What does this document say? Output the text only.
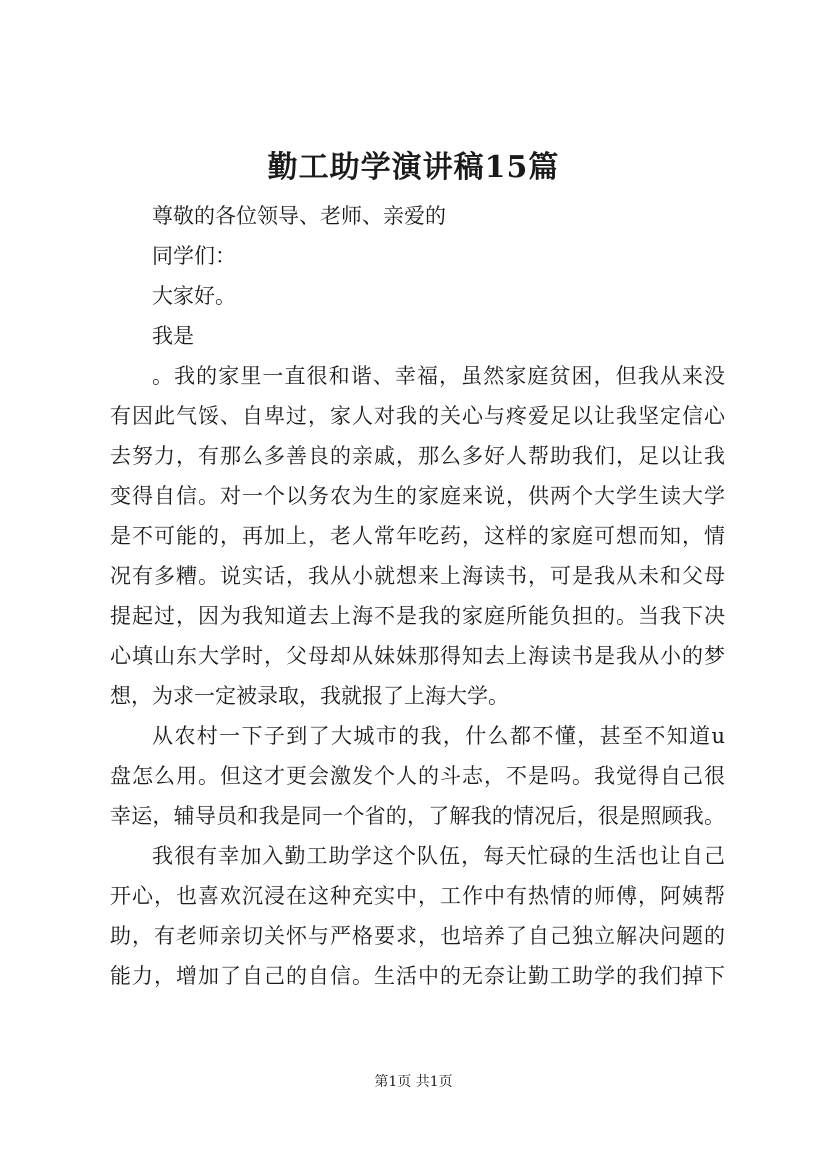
勤工助学演讲稿15篇
尊敬的各位领导、老师、亲爱的
同学们：
大家好。
我是
。我的家里一直很和谐、幸福，虽然家庭贫困，但我从来没
有因此气馁、自卑过，家人对我的关心与疼爱足以让我坚定信心
去努力，有那么多善良的亲戚，那么多好人帮助我们，足以让我
变得自信。对一个以务农为生的家庭来说，供两个大学生读大学
是不可能的，再加上，老人常年吃药，这样的家庭可想而知，情
况有多糟。说实话，我从小就想来上海读书，可是我从未和父母
提起过，因为我知道去上海不是我的家庭所能负担的。当我下决
心填山东大学时，父母却从妹妹那得知去上海读书是我从小的梦
想，为求一定被录取，我就报了上海大学。
从农村一下子到了大城市的我，什么都不懂，甚至不知道u
盘怎么用。但这才更会激发个人的斗志，不是吗。我觉得自己很
幸运，辅导员和我是同一个省的，了解我的情况后，很是照顾我。
我很有幸加入勤工助学这个队伍，每天忙碌的生活也让自己
开心，也喜欢沉浸在这种充实中，工作中有热情的师傅，阿姨帮
助，有老师亲切关怀与严格要求，也培养了自己独立解决问题的
能力，增加了自己的自信。生活中的无奈让勤工助学的我们掉下
第1页 共1页
